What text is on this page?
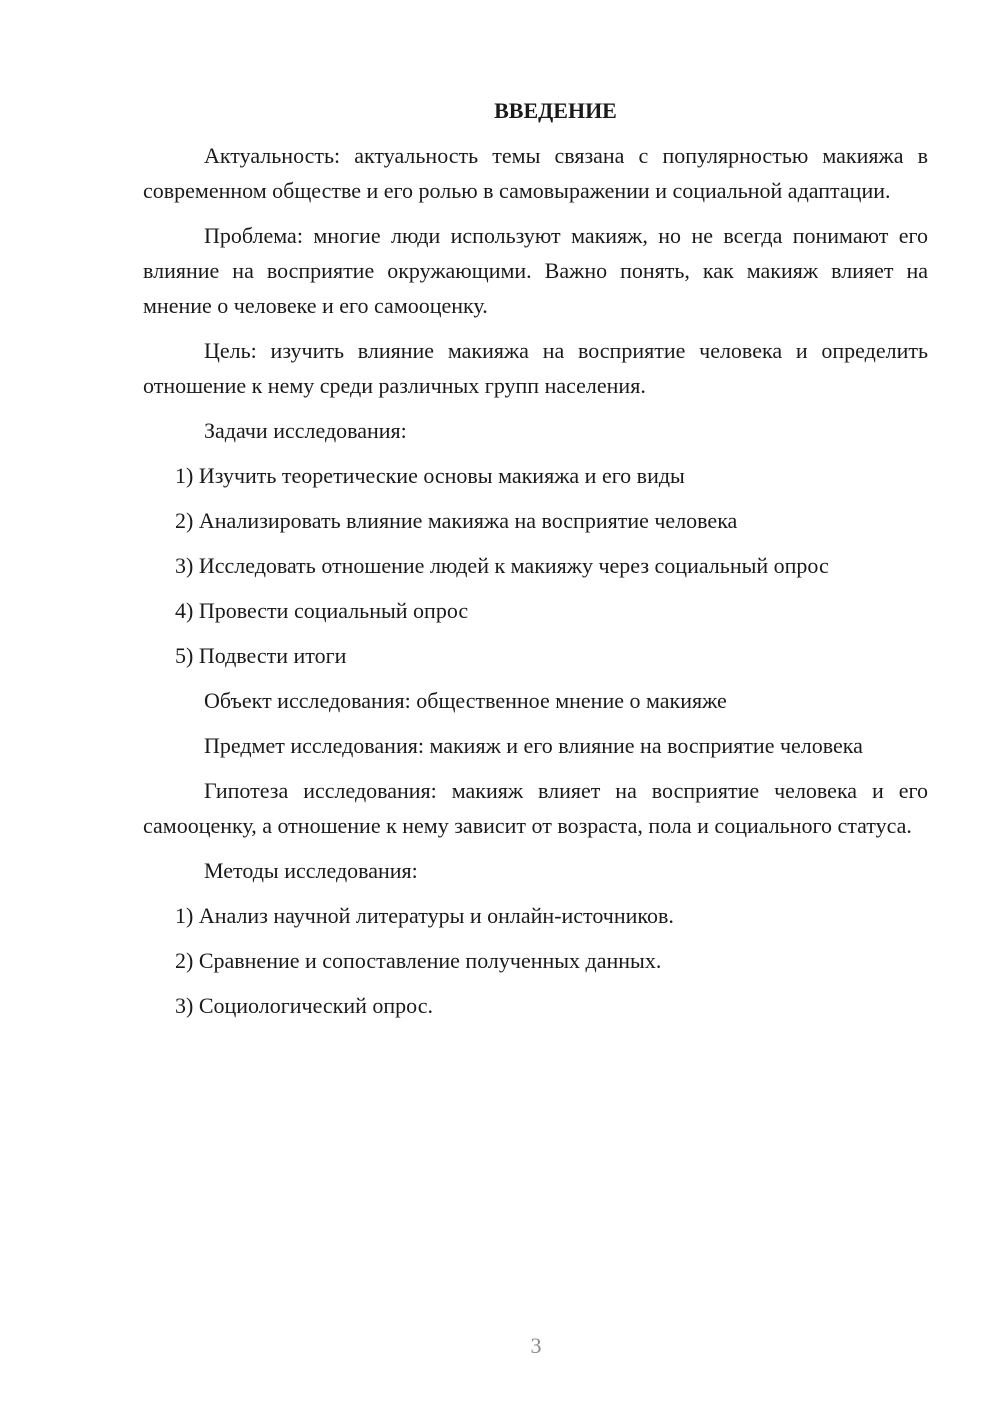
ВВЕДЕНИЕ

Актуальность: актуальность темы связана с популярностью макияжа в современном обществе и его ролью в самовыражении и социальной адаптации.

Проблема: многие люди используют макияж, но не всегда понимают его влияние на восприятие окружающими. Важно понять, как макияж влияет на мнение о человеке и его самооценку.

Цель: изучить влияние макияжа на восприятие человека и определить отношение к нему среди различных групп населения.

Задачи исследования:

1) Изучить теоретические основы макияжа и его виды

2) Анализировать влияние макияжа на восприятие человека

3) Исследовать отношение людей к макияжу через социальный опрос

4) Провести социальный опрос

5) Подвести итоги

Объект исследования: общественное мнение о макияже

Предмет исследования: макияж и его влияние на восприятие человека

Гипотеза исследования: макияж влияет на восприятие человека и его самооценку, а отношение к нему зависит от возраста, пола и социального статуса.

Методы исследования:

1) Анализ научной литературы и онлайн-источников.

2) Сравнение и сопоставление полученных данных.

3) Социологический опрос.

3
